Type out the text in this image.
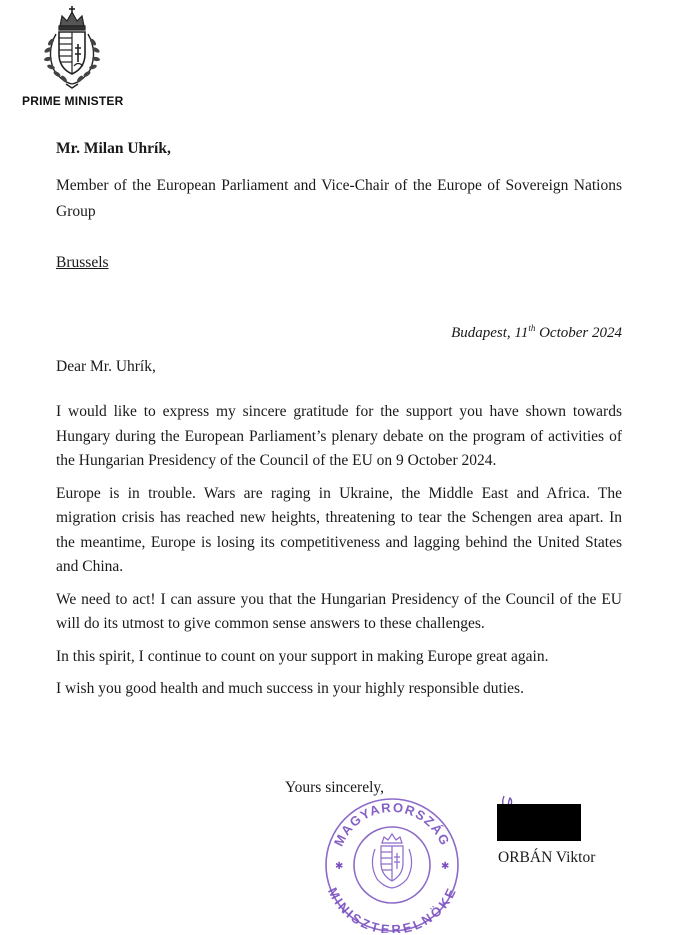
PRIME MINISTER
Mr. Milan Uhrík,
Member of the European Parliament and Vice-Chair of the Europe of Sovereign Nations Group
Brussels
Budapest, 11th October 2024
Dear Mr. Uhrík,

I would like to express my sincere gratitude for the support you have shown towards Hungary during the European Parliament’s plenary debate on the program of activities of the Hungarian Presidency of the Council of the EU on 9 October 2024.

Europe is in trouble. Wars are raging in Ukraine, the Middle East and Africa. The migration crisis has reached new heights, threatening to tear the Schengen area apart. In the meantime, Europe is losing its competitiveness and lagging behind the United States and China.

We need to act! I can assure you that the Hungarian Presidency of the Council of the EU will do its utmost to give common sense answers to these challenges.

In this spirit, I continue to count on your support in making Europe great again.

I wish you good health and much success in your highly responsible duties.

Yours sincerely,
MAGYARORSZÁG
MINISZTERELNÖKE
✱	✱
ORBÁN Viktor
